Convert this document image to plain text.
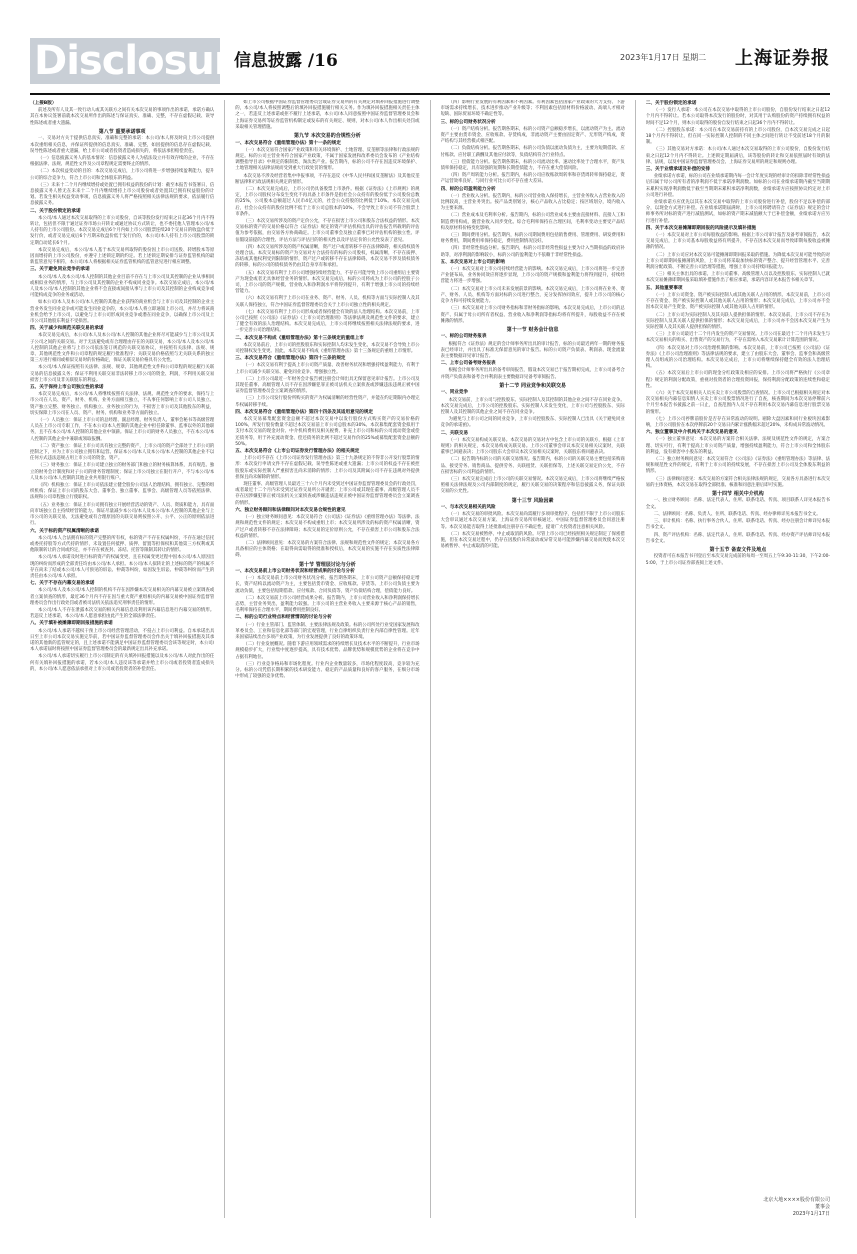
Disclosure
信息披露 /16	2023年1月17日 星期二 上海证券报
（上接B版）

前述及所有人及其一致行动人或其关联方之间有关本次交易的事项作出的承诺，承诺方确认其在本协议签署前就本次交易所作出的陈述与保证真实、准确、完整，不存在虚假记载、误导性陈述或者重大遗漏。

第八节 重要承诺事项

一、交易对方关于提供信息真实、准确和完整的承诺：本公司/本人将及时向上市公司提供本次重组相关信息，并保证所提供的信息真实、准确、完整，如因提供的信息存在虚假记载、误导性陈述或者重大遗漏，给上市公司或者投资者造成损失的，将依法承担赔偿责任。

（一）信息披露义务人的基本情况：信息披露义务人为依法设立并有效存续的企业，不存在根据法律、法规、规范性文件及公司章程规定需要终止的情形。

（二）本次权益变动的目的：本次交易完成后，上市公司将进一步增强持续盈利能力，提升公司的综合竞争力，符合上市公司和全体股东的利益。

（三）未来十二个月内继续增持或处置已拥有权益的股份的计划：截至本报告书签署日，信息披露义务人暂无在未来十二个月内继续增持上市公司股份或者处置其已拥有权益股份的计划。若发生相关权益变动事项，信息披露义务人将严格按照相关法律法规的要求，依法履行信息披露义务。

二、关于股份锁定的承诺

本公司/本人通过本次交易取得的上市公司股份，自该等股份发行结束之日起36个月内不得转让，包括但不限于通过证券市场公开转让或通过协议方式转让，也不委托他人管理本公司/本人持有的上市公司股份。本次交易完成后6个月内如上市公司股票连续20个交易日的收盘价低于发行价，或者交易完成后6个月期末收盘价低于发行价的，本公司/本人持有上市公司股票的锁定期自动延长6个月。

本次交易完成后，本公司/本人基于本次交易所取得的股份因上市公司送股、转增股本等原因而增持的上市公司股份，亦遵守上述锁定期的约定。若上述锁定期安排与证券监管机构的最新监管意见不相符，本公司/本人将根据相关证券监管机构的监管意见进行相应调整。

三、关于避免同业竞争的承诺

本公司/本人及本公司/本人控制的其他企业目前不存在与上市公司及其控制的企业从事相同或相似业务的情形，与上市公司及其控制的企业不构成同业竞争。本次交易完成后，本公司/本人及本公司/本人控制的其他企业将不会直接或间接从事与上市公司及其控制的企业构成竞争或可能构成竞争的业务或活动。

如本公司/本人及本公司/本人控制的其他企业获得的商业机会与上市公司及其控制的企业主营业务发生同业竞争或可能发生同业竞争的，本公司/本人将立即通知上市公司，并尽力将该商业机会给予上市公司，以避免与上市公司形成同业竞争或潜在同业竞争，以确保上市公司及上市公司其他股东利益不受损害。

四、关于减少和规范关联交易的承诺

本次交易完成后，本公司/本人及本公司/本人控制的其他企业将尽可能减少与上市公司及其子公司之间的关联交易。对于无法避免或有合理理由存在的关联交易，本公司/本人及本公司/本人控制的其他企业将与上市公司依法签订规范的关联交易协议，并按照有关法律、法规、规章、其他规范性文件和公司章程的规定履行批准程序；关联交易价格依照与无关联关系的独立第三方进行相同或相似交易时的价格确定，保证关联交易价格具有公允性。

本公司/本人保证按照有关法律、法规、规章、其他规范性文件和公司章程的规定履行关联交易的信息披露义务；保证不利用关联交易非法转移上市公司的资金、利润，不利用关联交易损害上市公司及非关联股东的利益。

五、关于保持上市公司独立性的承诺

本次交易完成后，本公司/本人将继续按照有关法律、法规、规范性文件的要求，保持与上市公司在人员、资产、财务、机构、业务方面相互独立，不从事任何影响上市公司人员独立、资产独立完整、财务独立、机构独立、业务独立的行为，不损害上市公司及其他股东的利益，切实保障上市公司在人员、资产、财务、机构和业务等方面的独立。

（一）人员独立：保证上市公司的总经理、副总经理、财务负责人、董事会秘书等高级管理人员在上市公司专职工作，不在本公司/本人控制的其他企业中担任除董事、监事以外的其他职务，且不在本公司/本人控制的其他企业中领薪。保证上市公司的财务人员独立，不在本公司/本人控制的其他企业中兼职或领取报酬。

（二）资产独立：保证上市公司具有独立完整的资产，上市公司的资产全部处于上市公司的控制之下，并为上市公司独立拥有和运营。保证本公司/本人及本公司/本人控制的其他企业不以任何方式违法违规占用上市公司的资金、资产。

（三）财务独立：保证上市公司建立独立的财务部门和独立的财务核算体系，具有规范、独立的财务会计制度和对子公司的财务管理制度；保证上市公司独立在银行开户，不与本公司/本人及本公司/本人控制的其他企业共用银行账户。

（四）机构独立：保证上市公司依法建立健全股份公司法人治理结构，拥有独立、完整的组织机构；保证上市公司的股东大会、董事会、独立董事、监事会、高级管理人员等依照法律、法规和公司章程独立行使职权。

（五）业务独立：保证上市公司拥有独立开展经营活动的资产、人员、资质和能力，具有面向市场独立自主持续经营的能力。保证尽量减少本公司/本人及本公司/本人控制的其他企业与上市公司的关联交易，无法避免或有合理原因的关联交易则按照公开、公平、公正的原则依法进行。

六、关于标的资产权属清晰的承诺

本公司/本人合法拥有标的资产完整的所有权，标的资产不存在权属纠纷，不存在通过信托或委托持股等方式代持的情形，未设置任何抵押、质押、留置等担保权和其他第三方权利或其他限制转让的合同或约定，亦不存在被查封、冻结、托管等限制其转让的情形。

本公司/本人承诺及时进行标的资产的权属变更，且在权属变更过程中因本公司/本人原因出现的纠纷而形成的全部责任均由本公司/本人承担。本公司/本人拟转让的上述标的资产的权属不存在尚未了结或本公司/本人可预见的诉讼、仲裁等纠纷，如因发生诉讼、仲裁等纠纷而产生的责任由本公司/本人承担。

七、关于不存在内幕交易的承诺

本公司/本人及本公司/本人控制的机构不存在因涉嫌本次交易相关的内幕交易被立案调查或者立案侦查的情形，最近36个月内不存在因与重大资产重组相关的内幕交易被中国证券监督管理委员会作出行政处罚或者被司法机关依法追究刑事责任的情形。

本公司/本人不存在泄露本次交易的相关内幕信息及利用该内幕信息进行内幕交易的情形。若违反上述承诺，本公司/本人愿意承担由此产生的全部法律责任。

八、关于填补被摊薄即期回报措施的承诺

本公司/本人承诺不越权干预上市公司经营管理活动，不侵占上市公司利益。自本承诺出具日至上市公司本次交易实施完毕前，若中国证券监督管理委员会作出关于填补回报措施及其承诺的其他新的监管规定的，且上述承诺不能满足中国证券监督管理委员会该等规定时，本公司/本人承诺届时将按照中国证券监督管理委员会的最新规定出具补充承诺。

本公司/本人承诺切实履行上市公司制定的有关填补回报措施以及本公司/本人对此作出的任何有关填补回报措施的承诺，若本公司/本人违反该等承诺并给上市公司或者投资者造成损失的，本公司/本人愿意依法承担对上市公司或者投资者的补偿责任。

如上市公司根据中国证券监督管理委员会或证券交易所的有关规定对填补回报措施进行调整的，本公司/本人将按照调整后的填补回报措施履行相关义务。作为填补回报措施相关责任主体之一，若违反上述承诺或拒不履行上述承诺，本公司/本人同意按照中国证券监督管理委员会和上海证券交易所等证券监管机构制定或发布的有关规定、规则，对本公司/本人作出相关处罚或采取相关管理措施。

第九节 本次交易的合规性分析
一、本次交易符合《重组管理办法》第十一条的规定

（一）本次交易符合国家产业政策和有关环境保护、土地管理、反垄断等法律和行政法规的规定。标的公司主营业务符合国家产业政策，不属于国家发展和改革委员会发布的《产业结构调整指导目录》中规定的限制类、淘汰类产业。报告期内，标的公司不存在因违反环境保护、土地管理相关法律法规而受到重大行政处罚的情形。

本次交易不涉及经营者集中申报事项，不存在违反《中华人民共和国反垄断法》及其他反垄断法律和行政法规相关规定的情形。

（二）本次交易完成后，上市公司仍具备股票上市条件。根据《证券法》《上市规则》的规定，上市公司股权分布发生变化不再具备上市条件是指社会公众持有的股份低于公司股份总数的25%，公司股本总额超过人民币4亿元的，社会公众持股的比例低于10%。本次交易完成后，社会公众持有的股份比例不低于上市公司总股本的10%，不会导致上市公司不符合股票上市条件。

（三）本次交易所涉及的资产定价公允，不存在损害上市公司和股东合法权益的情形。本次交易标的资产的交易价格以符合《证券法》规定的资产评估机构出具的评估报告所载明的评估值为参考依据，由交易各方协商确定。上市公司董事会及独立董事已对评估机构的独立性、评估假设前提的合理性、评估方法与评估目的的相关性以及评估定价的公允性发表了意见。

（四）本次交易所涉及的资产权属清晰，资产过户或者转移不存在法律障碍，相关债权债务处理合法。本次交易标的资产为交易对方合法持有的标的公司股权，权属清晰，不存在质押、冻结或其他权利受到限制的情形，资产过户或转移不存在法律障碍。本次交易不涉及债权债务的转移，标的公司的债权债务仍由其自身享有和承担。

（五）本次交易有利于上市公司增强持续经营能力，不存在可能导致上市公司重组后主要资产为现金或者无具体经营业务的情形。本次交易完成后，标的公司将成为上市公司的控股子公司，上市公司的资产规模、营业收入和净利润水平将得到提升，有利于增强上市公司的持续经营能力。

（六）本次交易有利于上市公司在业务、资产、财务、人员、机构等方面与实际控制人及其关联人保持独立，符合中国证券监督管理委员会关于上市公司独立性的相关规定。

（七）本次交易有利于上市公司形成或者保持健全有效的法人治理结构。本次交易前，上市公司已按照《公司法》《证券法》《上市公司治理准则》等法律法规及规范性文件的要求，建立了健全有效的法人治理结构。本次交易完成后，上市公司将继续按照相关法律法规的要求，进一步完善公司治理结构。

二、本次交易不构成《重组管理办法》第十三条规定的重组上市

本次交易前后，上市公司的控股股东和实际控制人均未发生变化，本次交易不会导致上市公司控制权发生变更。因此，本次交易不构成《重组管理办法》第十三条规定的重组上市情形。

三、本次交易符合《重组管理办法》第四十三条的规定

（一）本次交易有利于提高上市公司资产质量、改善财务状况和增强持续盈利能力，有利于上市公司减少关联交易、避免同业竞争、增强独立性。

（二）上市公司最近一年财务会计报告被注册会计师出具无保留意见审计报告。上市公司及其现任董事、高级管理人员不存在因涉嫌犯罪正被司法机关立案侦查或涉嫌违法违规正被中国证券监督管理委员会立案调查的情形。

（三）上市公司发行股份所购买的资产为权属清晰的经营性资产，并能在约定期限内办理完毕权属转移手续。

四、本次交易符合《重组管理办法》第四十四条及其适用意见的规定

本次交易募集配套资金总额不超过本次交易中以发行股份方式购买资产的交易价格的100%，所发行股份数量不超过本次交易前上市公司总股本的30%。本次募集配套资金拟用于支付本次交易的现金对价、中介机构费用及相关税费、补充上市公司和标的公司流动资金或偿还债务等，用于补充流动资金、偿还债务的比例不超过交易作价的25%或募集配套资金总额的50%。

五、本次交易符合《上市公司证券发行管理办法》的相关规定

上市公司不存在《上市公司证券发行管理办法》第三十九条规定的不得非公开发行股票的情形：本次发行申请文件不存在虚假记载、误导性陈述或重大遗漏；上市公司的权益不存在被控股股东或实际控制人严重损害且尚未消除的情形；上市公司及其附属公司不存在违规对外提供担保且尚未解除的情形。

现任董事、高级管理人员最近三十六个月内未受到过中国证券监督管理委员会的行政处罚，或者最近十二个月内未受到过证券交易所公开谴责；上市公司或其现任董事、高级管理人员不存在因涉嫌犯罪正被司法机关立案侦查或涉嫌违法违规正被中国证券监督管理委员会立案调查的情形。

六、独立财务顾问和法律顾问对本次交易合规性的意见

（一）独立财务顾问意见：本次交易符合《公司法》《证券法》《重组管理办法》等法律、法规和规范性文件的规定；本次交易不构成重组上市；本次交易所涉及的标的资产权属清晰，资产过户或者转移不存在法律障碍；本次交易的定价原则公允，不存在损害上市公司和股东合法权益的情形。

（二）法律顾问意见：本次交易的方案符合法律、法规和规范性文件的规定；本次交易各方具备相应的主体资格；在取得尚需取得的批准和授权后，本次交易的实施不存在实质性法律障碍。

第十节 管理层讨论与分析
一、本次交易前上市公司财务状况和经营成果的讨论与分析

（一）本次交易前上市公司财务状况分析。报告期各期末，上市公司资产总额保持稳定增长，资产结构以流动资产为主，主要包括货币资金、应收账款、存货等。上市公司负债主要为流动负债，主要包括短期借款、应付账款、合同负债等，资产负债结构合理，偿债能力良好。

（二）本次交易前上市公司经营成果分析。报告期内，上市公司营业收入和净利润保持增长态势，主营业务突出，盈利能力较强。上市公司的主营业务收入主要来源于核心产品的销售，毛利率保持在合理水平，期间费用控制良好。

二、标的公司行业特点和经营情况的讨论与分析

（一）行业主管部门、监管体制、主要法律法规及政策。标的公司所处行业受国家发展和改革委员会、工业和信息化部等部门的宏观管理，行业自律组织负责行业内部自律性管理。近年来国家陆续出台多项产业政策，为行业发展提供了良好的政策环境。

（二）行业发展概况。随着下游应用领域需求的持续增长及技术水平的不断提升，行业市场规模稳步扩大，行业集中度逐步提高，具有技术优势、品牌优势和规模优势的企业将在竞争中占据有利地位。

（三）行业竞争格局和市场化程度。行业内企业数量较多，市场化程度较高，竞争较为充分。标的公司凭借长期积累的技术研发能力、稳定的产品质量和良好的客户服务，在细分市场中形成了较强的竞争优势。

（四）影响行业发展的有利因素和不利因素。有利因素包括国家产业政策的大力支持、下游市场需求持续增长、技术进步推动产业升级等；不利因素包括原材料价格波动、高端人才相对短缺、国际贸易环境不确定性等。

三、标的公司财务状况分析

（一）资产结构分析。报告期各期末，标的公司资产总额稳步增长，以流动资产为主。流动资产主要由货币资金、应收账款、存货构成，非流动资产主要由固定资产、无形资产构成，资产结构与其经营模式相匹配。

（二）负债结构分析。报告期各期末，标的公司负债以流动负债为主，主要为短期借款、应付账款、应付职工薪酬及其他应付款等，负债结构符合行业特点。

（三）偿债能力分析。报告期各期末，标的公司流动比率、速动比率处于合理水平，资产负债率保持稳定，具有较强的短期和长期偿债能力，不存在重大偿债风险。

（四）资产周转能力分析。报告期内，标的公司应收账款周转率和存货周转率保持稳定，资产运营效率良好，与同行业可比公司不存在重大差异。

四、标的公司盈利能力分析

（一）营业收入分析。报告期内，标的公司营业收入保持增长，主营业务收入占营业收入的比例较高，主营业务突出。按产品类别划分，核心产品收入占比稳定；按区域划分，境内收入为主要来源。

（二）营业成本及毛利率分析。报告期内，标的公司营业成本主要由直接材料、直接人工和制造费用构成，随营业收入同步变化。综合毛利率保持在合理区间，毛利率变动主要受产品结构及原材料价格变化影响。

（三）期间费用分析。报告期内，标的公司期间费用包括销售费用、管理费用、研发费用和财务费用，期间费用率保持稳定，费用控制情况良好。

（四）非经常性损益分析。报告期内，标的公司非经常性损益主要为计入当期损益的政府补助等，对净利润的影响较小，标的公司的盈利能力不依赖于非经常性损益。

五、本次交易对上市公司的影响

（一）本次交易对上市公司持续经营能力的影响。本次交易完成后，上市公司将进一步完善产业链布局，业务协同效应将逐步显现，上市公司的资产规模和盈利能力将得到提升，持续经营能力将进一步增强。

（二）本次交易对上市公司未来发展前景的影响。本次交易完成后，上市公司将在业务、资产、财务、人员、机构等方面对标的公司进行整合，充分发挥协同效应，提升上市公司的核心竞争力和可持续发展能力。

（三）本次交易对上市公司财务指标和非财务指标的影响。本次交易完成后，上市公司的总资产、归属于母公司所有者权益、营业收入和净利润等指标均将有所提升，每股收益不存在被摊薄的情形。

第十一节 财务会计信息
一、标的公司财务报表

根据符合《证券法》规定的会计师事务所出具的审计报告，标的公司最近两年一期的财务报表已经审计，并出具了标准无保留意见的审计报告。标的公司资产负债表、利润表、现金流量表主要数据详见审计报告。

二、上市公司备考财务报表

根据会计师事务所出具的备考审阅报告，假设本次交易已于报告期初完成，上市公司备考合并资产负债表和备考合并利润表主要数据详见备考审阅报告。

第十二节 同业竞争和关联交易
一、同业竞争

本次交易前，上市公司与控股股东、实际控制人及其控制的其他企业之间不存在同业竞争。本次交易完成后，上市公司的控股股东、实际控制人未发生变化，上市公司与控股股东、实际控制人及其控制的其他企业之间不存在同业竞争。

为避免与上市公司之间的同业竞争，上市公司控股股东、实际控制人已出具《关于避免同业竞争的承诺函》。

二、关联交易

（一）本次交易构成关联交易。本次交易的交易对方中包含上市公司的关联方，根据《上市规则》的相关规定，本次交易构成关联交易。上市公司董事会审议本次交易相关议案时，关联董事已回避表决；上市公司股东大会审议本次交易相关议案时，关联股东将回避表决。

（二）报告期内标的公司的关联交易情况。报告期内，标的公司的关联交易主要包括采购商品、接受劳务、销售商品、提供劳务、关联租赁、关联担保等，上述关联交易定价公允，不存在损害标的公司利益的情形。

（三）本次交易完成后上市公司的关联交易情况。本次交易完成后，上市公司将继续严格按照相关法律法规及公司内部制度的规定，履行关联交易的决策程序和信息披露义务，保证关联交易的公允性。

第十三节 风险因素
一、与本次交易相关的风险

（一）本次交易的审批风险。本次交易尚需履行多项审批程序，包括但不限于上市公司股东大会审议通过本次交易方案、上海证券交易所审核通过、中国证券监督管理委员会同意注册等。本次交易能否取得上述批准或注册存在不确定性，提请广大投资者注意相关风险。

（二）本次交易被暂停、中止或取消的风险。尽管上市公司已经按照相关规定制定了保密措施，但在本次交易过程中，仍存在因股价异常波动或异常交易可能涉嫌内幕交易而致使本次交易被暂停、中止或取消的可能。

二、关于股份锁定的承诺

（一）发行人承诺：本公司在本次交易中取得的上市公司股份，自股份发行结束之日起12个月内不得转让。若本公司取得本次发行的股份时，对其用于认购股份的资产持续拥有权益的时间不足12个月，则本公司取得的股份自发行结束之日起36个月内不得转让。

（二）控股股东承诺：本公司在本次交易前持有的上市公司股份，自本次交易完成之日起18个月内不得转让，但在同一实际控制人控制的不同主体之间进行转让不受前述18个月的限制。

（三）其他交易对方承诺：本公司/本人通过本次交易取得的上市公司股份，自股份发行结束之日起12个月内不得转让。上述锁定期届满后，该等股份的转让和交易依照届时有效的法律、法规，以及中国证券监督管理委员会、上海证券交易所的规定和规则办理。

三、关于业绩承诺及补偿的安排

业绩承诺方承诺，标的公司在业绩承诺期内每一会计年度实现的经审计的扣除非经常性损益后归属于母公司所有者的净利润不低于承诺净利润数。如标的公司在业绩承诺期内截至当期期末累积实现净利润数低于截至当期期末累积承诺净利润数，业绩承诺方应按照协议约定对上市公司进行补偿。

业绩承诺方应优先以其在本次交易中取得的上市公司股份进行补偿，股份不足以补偿的部分，以现金方式进行补偿。在业绩承诺期届满时，上市公司将聘请符合《证券法》规定的会计师事务所对标的资产进行减值测试，如标的资产期末减值额大于已补偿金额，业绩承诺方应另行进行补偿。

四、关于本次交易摊薄即期回报的风险提示及填补措施

（一）本次交易对上市公司每股收益的影响。根据上市公司审计报告及备考审阅报告，本次交易完成后，上市公司基本每股收益将有所提升，不存在因本次交易而导致即期每股收益被摊薄的情况。

（二）上市公司应对本次交易可能摊薄即期回报采取的措施。为降低本次交易可能导致的对上市公司即期回报摊薄的风险，上市公司将采取加快标的资产整合、提升经营管理水平、完善利润分配政策、不断完善公司治理等措施，增强上市公司持续回报能力。

（三）相关主体出具的承诺。上市公司董事、高级管理人员以及控股股东、实际控制人已就本次交易摊薄即期回报采取填补措施作出了相应承诺，承诺内容详见本报告书相关章节。

五、其他重要事项

（一）上市公司资金、资产被实际控制人或其他关联人占用的情形。本次交易前，上市公司不存在资金、资产被实际控制人或其他关联人占用的情形；本次交易完成后，上市公司亦不会因本次交易产生资金、资产被实际控制人或其他关联人占用的情形。

（二）上市公司为实际控制人及其关联人提供担保的情形。本次交易前，上市公司不存在为实际控制人及其关联人提供担保的情形；本次交易完成后，上市公司亦不会因本次交易产生为实际控制人及其关联人提供担保的情形。

（三）上市公司最近十二个月内发生的资产交易情况。上市公司在最近十二个月内未发生与本次交易相关的购买、出售资产的交易行为，不存在需纳入本次交易累计计算范围的情况。

（四）本次交易对上市公司治理机制的影响。本次交易前，上市公司已按照《公司法》《证券法》《上市公司治理准则》等法律法规的要求，建立了由股东大会、董事会、监事会和高级管理人员组成的公司治理结构。本次交易完成后，上市公司将继续保持健全有效的法人治理结构。

（五）本次交易后上市公司的现金分红政策及相应的安排。上市公司将严格执行《公司章程》规定的利润分配政策，重视对投资者的合理投资回报，保持利润分配政策的连续性和稳定性。

（六）关于本次交易相关人员买卖上市公司股票的自查情况。上市公司已根据相关规定对本次交易相关内幕信息知情人买卖上市公司股票情况进行了自查，核查期间为本次交易停牌前六个月至本报告书披露之前一日止，自查范围内人员不存在利用本次交易内幕信息进行股票交易的情形。

（七）上市公司停牌前股价是否存在异常波动的说明。剔除大盘因素和同行业板块因素影响，上市公司股价在本次停牌前20个交易日内累计涨跌幅未超过20%，未构成异常波动情况。

六、独立董事及中介机构关于本次交易的意见

（一）独立董事意见：本次交易的方案符合相关法律、法规及规范性文件的规定，方案合理、切实可行，有利于提高上市公司资产质量，增强持续盈利能力，符合上市公司和全体股东的利益，没有损害中小股东的利益。

（二）独立财务顾问意见：本次交易符合《公司法》《证券法》《重组管理办法》等法律、法规和规范性文件的规定，有利于上市公司的持续发展，不存在损害上市公司及全体股东利益的情形。

（三）法律顾问意见：本次交易的方案符合相关法律法规的规定，交易各方具备进行本次交易的主体资格，本次交易在取得全部批准、核准和同意注册后即可实施。

第十四节 相关中介机构

一、独立财务顾问：名称、法定代表人、住所、联系电话、传真、项目联系人详见本报告书全文。

二、法律顾问：名称、负责人、住所、联系电话、传真、经办律师详见本报告书全文。

三、审计机构：名称、执行事务合伙人、住所、联系电话、传真、经办注册会计师详见本报告书全文。

四、资产评估机构：名称、法定代表人、住所、联系电话、传真、经办资产评估师详见本报告书全文。

第十五节 备查文件及地点

投资者可在本报告书刊登后至本次交易完成前的每周一至周五上午9:30-11:30，下午2:00-5:00，于上市公司证券部查阅上述文件。

北京大地××××股份有限公司
董事会
2023年1月17日
